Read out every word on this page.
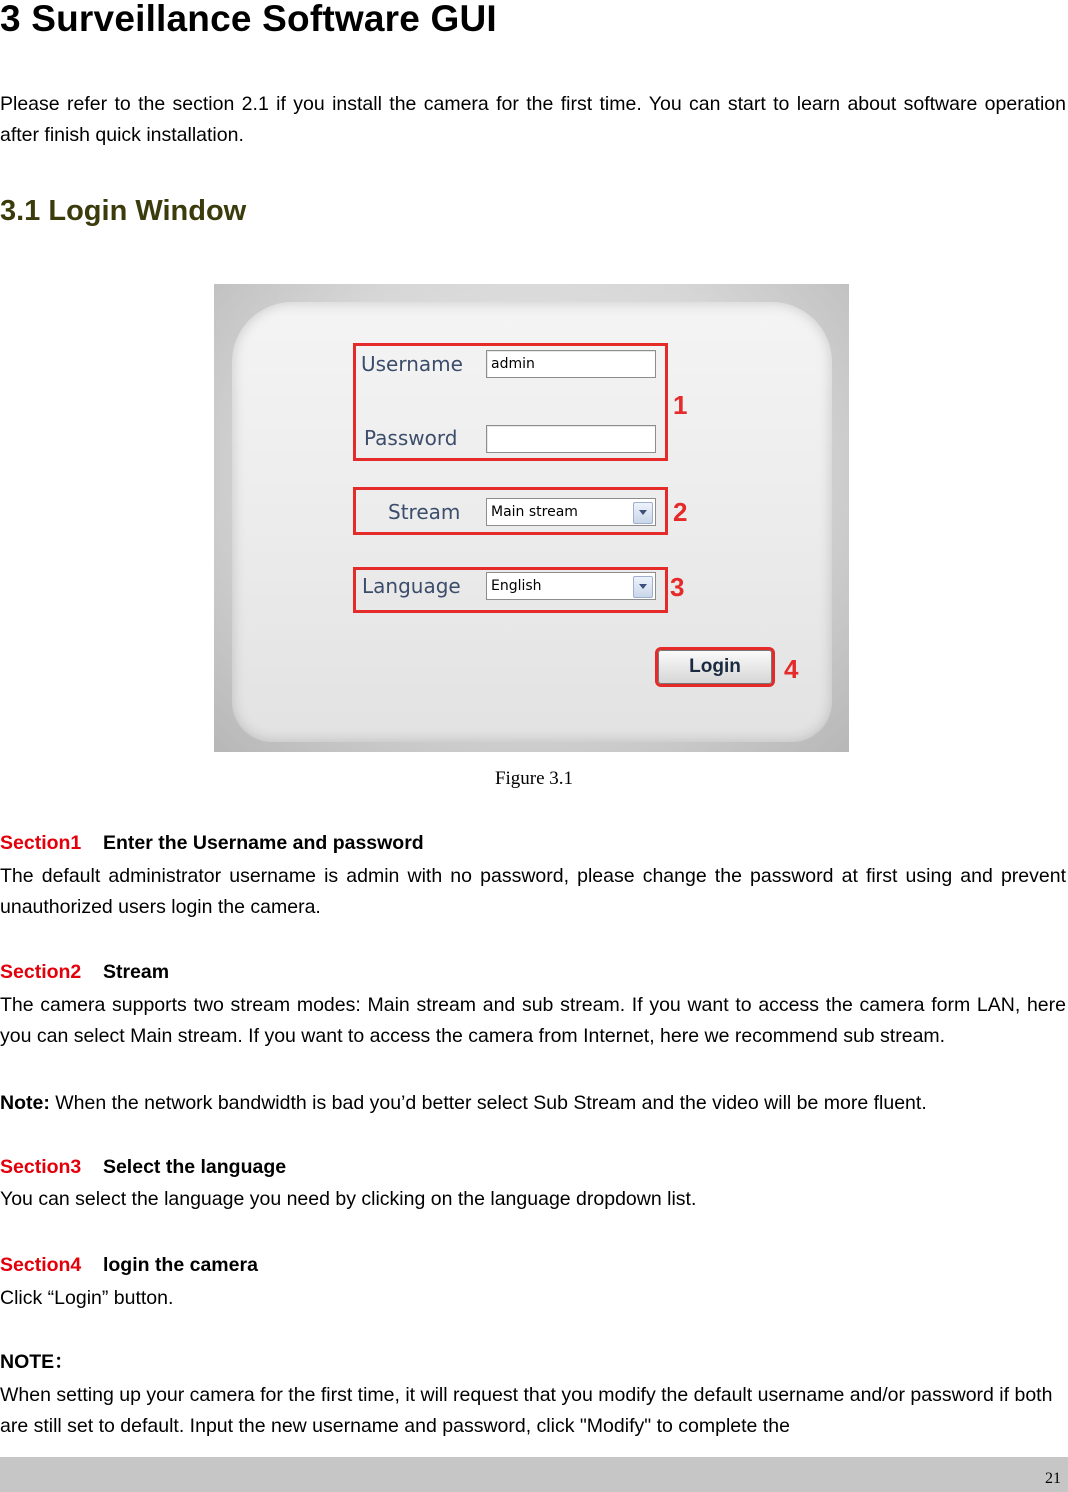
3 Surveillance Software GUI

Please refer to the section 2.1 if you install the camera for the first time. You can start to learn about software operation after finish quick installation.

3.1 Login Window
Username	admin
Password
1
Stream	Main stream	2
Language	English	3
Login	4
Figure 3.1

Section1 Enter the Username and password

The default administrator username is admin with no password, please change the password at first using and prevent unauthorized users login the camera.

Section2 Stream

The camera supports two stream modes: Main stream and sub stream. If you want to access the camera form LAN, here you can select Main stream. If you want to access the camera from Internet, here we recommend sub stream.

Note: When the network bandwidth is bad you’d better select Sub Stream and the video will be more fluent.

Section3 Select the language

You can select the language you need by clicking on the language dropdown list.

Section4 login the camera

Click “Login” button.

NOTE：

When setting up your camera for the first time, it will request that you modify the default username and/or password if both are still set to default. Input the new username and password, click "Modify" to complete the

21
